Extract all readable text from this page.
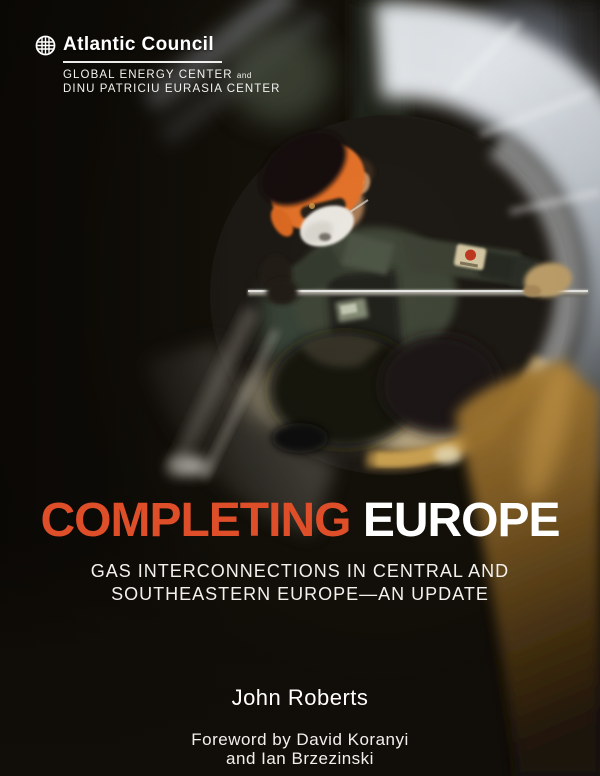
Atlantic Council
GLOBAL ENERGY CENTER and
DINU PATRICIU EURASIA CENTER
COMPLETING EUROPE

GAS INTERCONNECTIONS IN CENTRAL AND
SOUTHEASTERN EUROPE—AN UPDATE

John Roberts

Foreword by David Koranyi
and Ian Brzezinski
